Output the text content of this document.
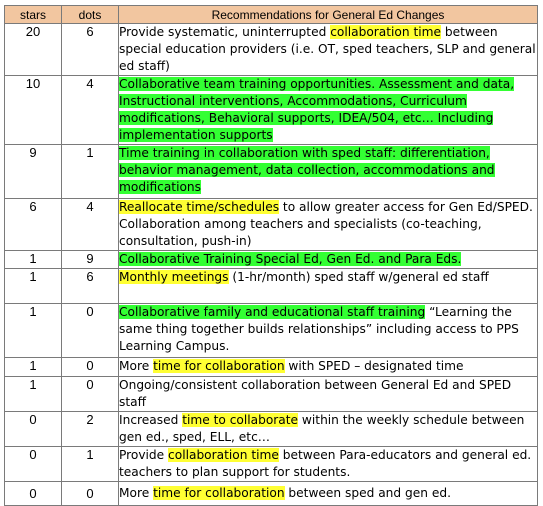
stars	dots	Recommendations for General Ed Changes
20	6	Provide systematic, uninterrupted collaboration time between special education providers (i.e. OT, sped teachers, SLP and general ed staff)
10	4	Collaborative team training opportunities. Assessment and data, Instructional interventions, Accommodations, Curriculum modifications, Behavioral supports, IDEA/504, etc… Including implementation supports
9	1	Time training in collaboration with sped staff: differentiation, behavior management, data collection, accommodations and modifications
6	4	Reallocate time/schedules to allow greater access for Gen Ed/SPED. Collaboration among teachers and specialists (co-teaching, consultation, push-in)
1	9	Collaborative Training Special Ed, Gen Ed. and Para Eds.
1	6	Monthly meetings (1-hr/month) sped staff w/general ed staff
1	0	Collaborative family and educational staff training “Learning the same thing together builds relationships” including access to PPS Learning Campus.
1	0	More time for collaboration with SPED – designated time
1	0	Ongoing/consistent collaboration between General Ed and SPED staff
0	2	Increased time to collaborate within the weekly schedule between gen ed., sped, ELL, etc…
0	1	Provide collaboration time between Para-educators and general ed. teachers to plan support for students.
0	0	More time for collaboration between sped and gen ed.
